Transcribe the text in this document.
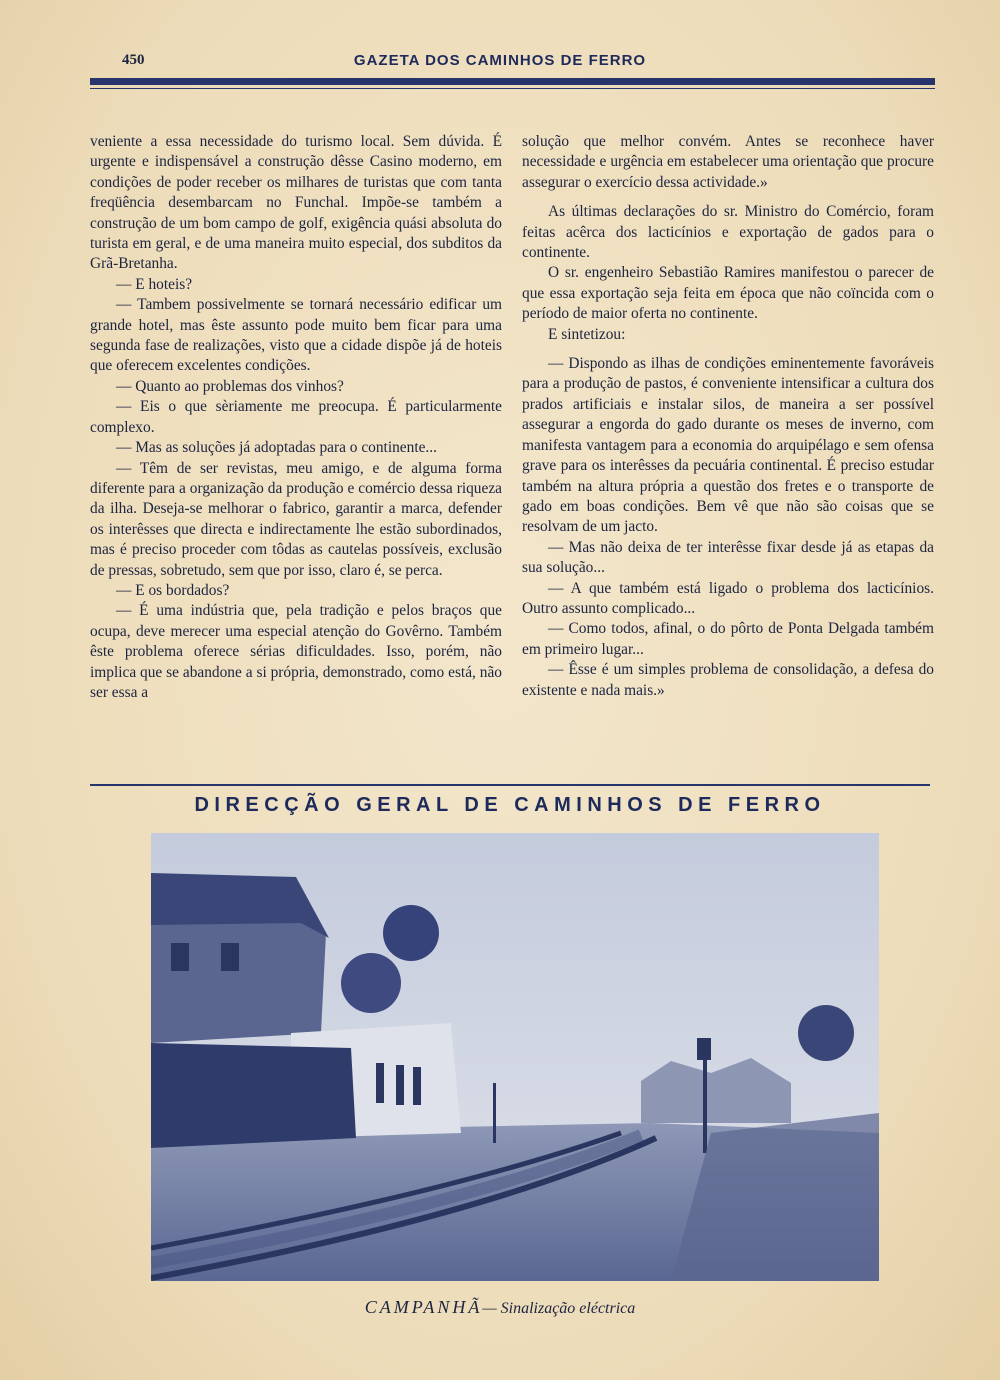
450	GAZETA DOS CAMINHOS DE FERRO

veniente a essa necessidade do turismo local. Sem dúvida. É urgente e indispensável a construção dêsse Casino moderno, em condições de poder receber os milhares de turistas que com tanta freqüência desembarcam no Funchal. Impõe-se também a construção de um bom campo de golf, exigência quási absoluta do turista em geral, e de uma maneira muito especial, dos subditos da Grã-Bretanha.

— E hoteis?

— Tambem possivelmente se tornará necessário edificar um grande hotel, mas êste assunto pode muito bem ficar para uma segunda fase de realizações, visto que a cidade dispõe já de hoteis que oferecem excelentes condições.

— Quanto ao problemas dos vinhos?

— Eis o que sèriamente me preocupa. É particularmente complexo.

— Mas as soluções já adoptadas para o continente...

— Têm de ser revistas, meu amigo, e de alguma forma diferente para a organização da produção e comércio dessa riqueza da ilha. Deseja-se melhorar o fabrico, garantir a marca, defender os interêsses que directa e indirectamente lhe estão subordinados, mas é preciso proceder com tôdas as cautelas possíveis, exclusão de pressas, sobretudo, sem que por isso, claro é, se perca.

— E os bordados?

— É uma indústria que, pela tradição e pelos braços que ocupa, deve merecer uma especial atenção do Govêrno. Também êste problema oferece sérias dificuldades. Isso, porém, não implica que se abandone a si própria, demonstrado, como está, não ser essa a

solução que melhor convém. Antes se reconhece haver necessidade e urgência em estabelecer uma orientação que procure assegurar o exercício dessa actividade.»

As últimas declarações do sr. Ministro do Comércio, foram feitas acêrca dos lacticínios e exportação de gados para o continente.

O sr. engenheiro Sebastião Ramires manifestou o parecer de que essa exportação seja feita em época que não coïncida com o período de maior oferta no continente.

E sintetizou:

— Dispondo as ilhas de condições eminentemente favoráveis para a produção de pastos, é conveniente intensificar a cultura dos prados artificiais e instalar silos, de maneira a ser possível assegurar a engorda do gado durante os meses de inverno, com manifesta vantagem para a economia do arquipélago e sem ofensa grave para os interêsses da pecuária continental. É preciso estudar também na altura própria a questão dos fretes e o transporte de gado em boas condições. Bem vê que não são coisas que se resolvam de um jacto.

— Mas não deixa de ter interêsse fixar desde já as etapas da sua solução...

— A que também está ligado o problema dos lacticínios. Outro assunto complicado...

— Como todos, afinal, o do pôrto de Ponta Delgada também em primeiro lugar...

— Êsse é um simples problema de consolidação, a defesa do existente e nada mais.»

DIRECÇÃO GERAL DE CAMINHOS DE FERRO
CAMPANHÃ— Sinalização eléctrica
